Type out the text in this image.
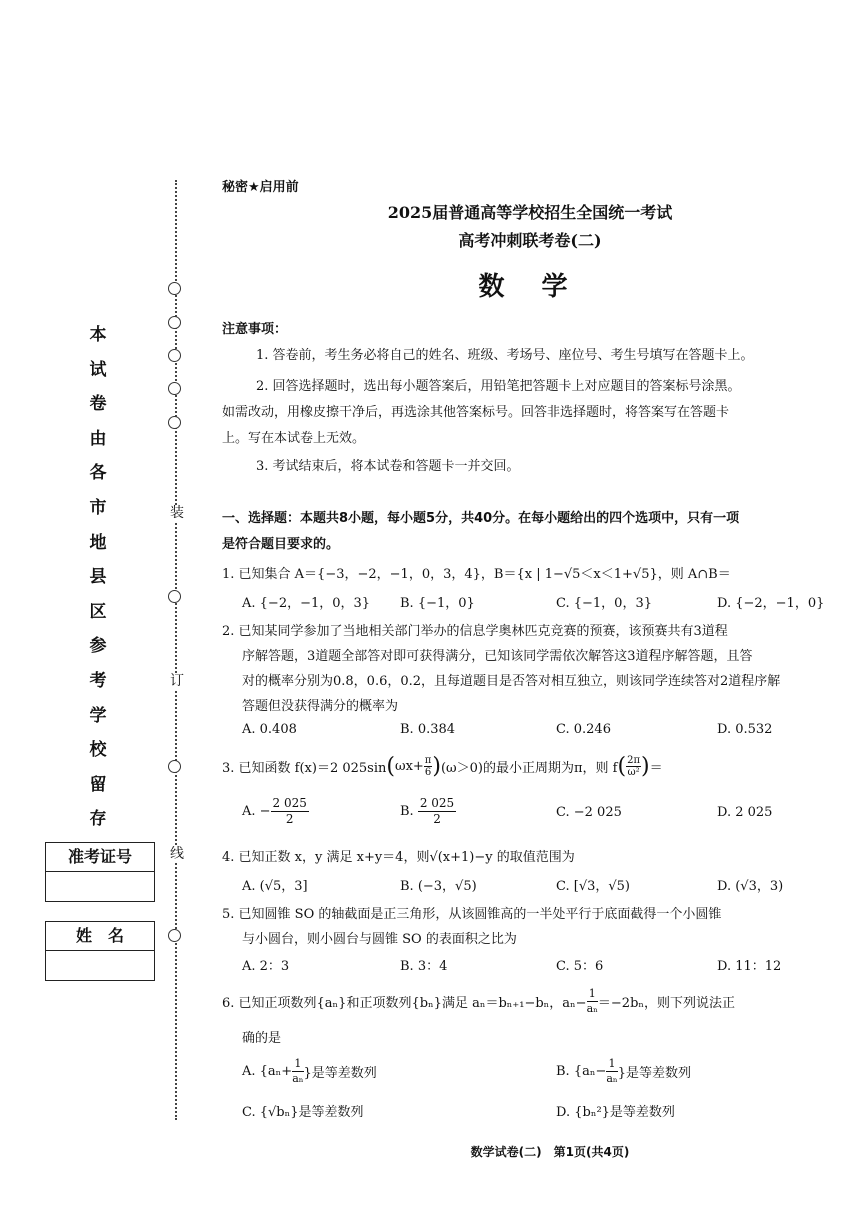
装
订
线
本
试
卷
由
各
市
地
县
区
参
考
学
校
留
存
准考证号
姓　名
秘密★启用前
2025届普通高等学校招生全国统一考试
高考冲刺联考卷(二)
数 学
注意事项：
1. 答卷前，考生务必将自己的姓名、班级、考场号、座位号、考生号填写在答题卡上。
2. 回答选择题时，选出每小题答案后，用铅笔把答题卡上对应题目的答案标号涂黑。
如需改动，用橡皮擦干净后，再选涂其他答案标号。回答非选择题时，将答案写在答题卡
上。写在本试卷上无效。
3. 考试结束后，将本试卷和答题卡一并交回。
一、选择题：本题共8小题，每小题5分，共40分。在每小题给出的四个选项中，只有一项
是符合题目要求的。
1. 已知集合 A＝{−3，−2，−1，0，3，4}，B＝{x | 1−√5＜x＜1+√5}，则 A∩B＝
A. {−2，−1，0，3} B. {−1，0}	C. {−1，0，3}	D. {−2，−1，0}
2. 已知某同学参加了当地相关部门举办的信息学奥林匹克竞赛的预赛，该预赛共有3道程
序解答题，3道题全部答对即可获得满分，已知该同学需依次解答这3道程序解答题，且答
对的概率分别为0.8，0.6，0.2，且每道题目是否答对相互独立，则该同学连续答对2道程序解
答题但没获得满分的概率为
A. 0.408	B. 0.384	C. 0.246	D. 0.532
3. 已知函数 f(x)＝2 $025\sin(\omega x+ \frac{\pi}{6} )(\omega>0)$的最小正周期为π，则 $f( \frac{2\pi}{\text{ω²}}$ )＝
A. − $\frac{2 025}{2}$	B. $\frac{2 025}{2}$	C. −2 025	D. 2 025
4. 已知正数 x，y 满足 x+y＝4，则√(x+1)−y 的取值范围为
A. (√5，3]	B. (−3，√5)	C. [√3，√5)	D. (√3，3)
5. 已知圆锥 SO 的轴截面是正三角形，从该圆锥高的一半处平行于底面截得一个小圆锥
与小圆台，则小圆台与圆锥 SO 的表面积之比为
A. 2：3	B. 3：4	C. 5：6	D. 11：12
6. 已知正项数列{aₙ}和正项数列{bₙ}满足 aₙ＝bₙ₊₁−bₙ，$a_n- \frac{1}{\text{aₙ}} =-2b_n$，则下列说法正
确的是
A. {$a_n+ \frac{1}{\text{aₙ}}$ }是等差数列	B. {$a_n- \frac{1}{\text{aₙ}}$ }是等差数列
C. {√bₙ}是等差数列	D. {bₙ²}是等差数列
数学试卷(二)　第1页(共4页)
